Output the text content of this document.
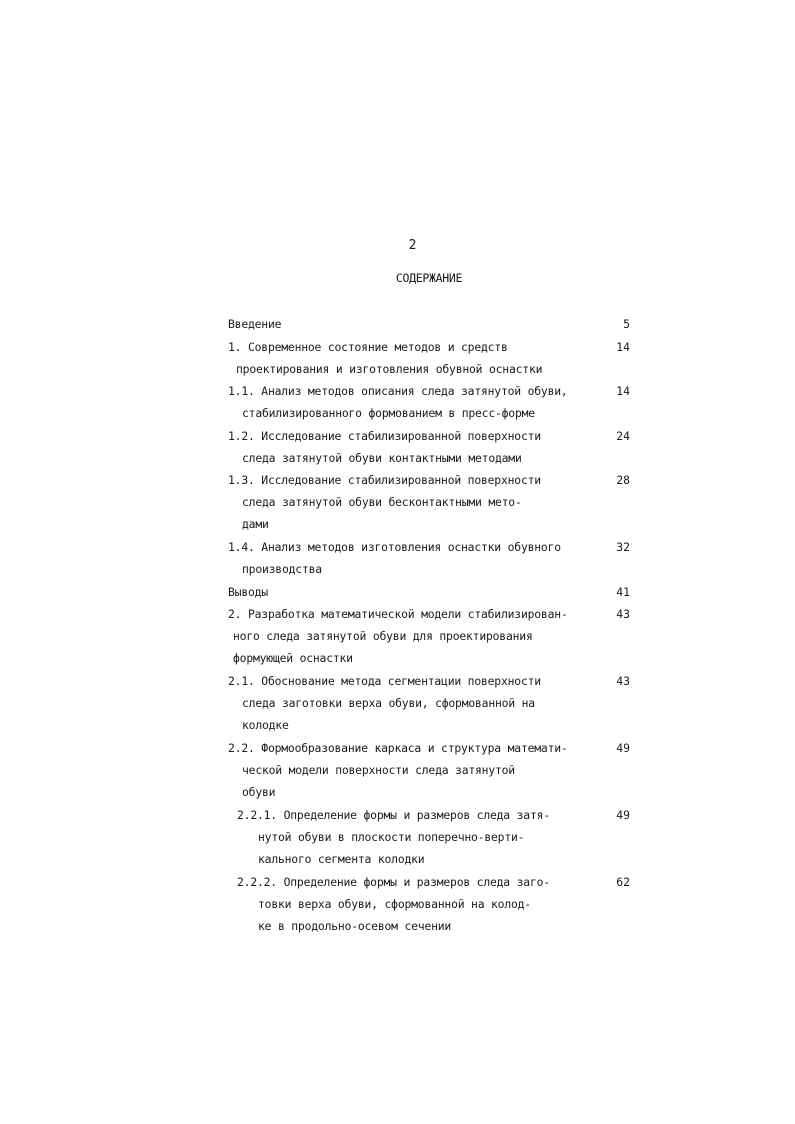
2
СОДЕРЖАНИЕ
Введение	5
1. Современное состояние методов и средств
проектирования и изготовления обувной оснастки
14
1.1. Анализ методов описания следа затянутой обуви,
стабилизированного формованием в пресс-форме
14
1.2. Исследование стабилизированной поверхности
следа затянутой обуви контактными методами
24
1.3. Исследование стабилизированной поверхности
следа затянутой обуви бесконтактными мето-
дами
28
1.4. Анализ методов изготовления оснастки обувного
производства
32
Выводы	41
2. Разработка математической модели стабилизирован-
ного следа затянутой обуви для проектирования
формующей оснастки
43
2.1. Обоснование метода сегментации поверхности
следа заготовки верха обуви, сформованной на
колодке
43
2.2. Формообразование каркаса и структура математи-
ческой модели поверхности следа затянутой
обуви
49
2.2.1. Определение формы и размеров следа затя-
нутой обуви в плоскости поперечно-верти-
кального сегмента колодки
49
2.2.2. Определение формы и размеров следа заго-
товки верха обуви, сформованной на колод-
ке в продольно-осевом сечении
62
